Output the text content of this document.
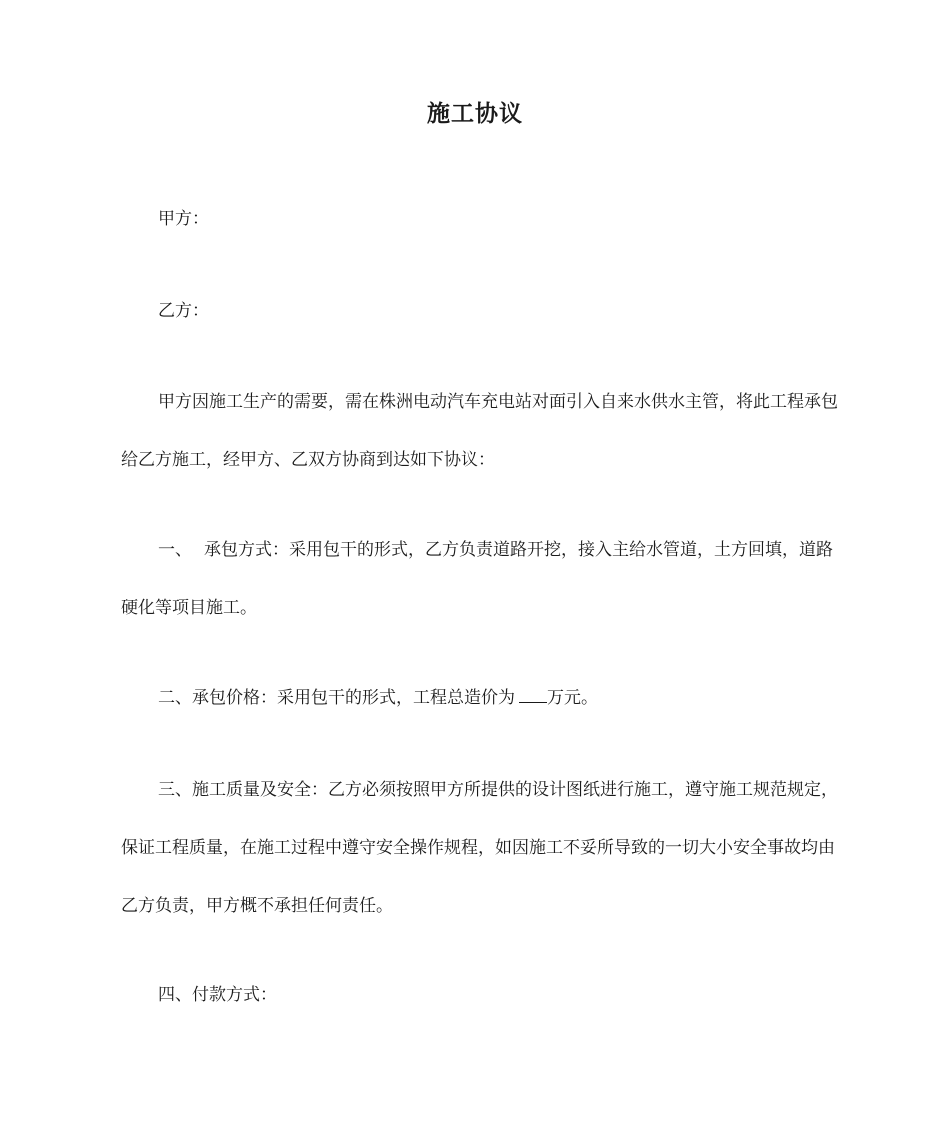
施工协议

甲方：

乙方：

甲方因施工生产的需要，需在株洲电动汽车充电站对面引入自来水供水主管，将此工程承包给乙方施工，经甲方、乙双方协商到达如下协议：

一、 承包方式：采用包干的形式，乙方负责道路开挖，接入主给水管道，土方回填，道路硬化等项目施工。

二、承包价格：采用包干的形式，工程总造价为 万元。

三、施工质量及安全：乙方必须按照甲方所提供的设计图纸进行施工，遵守施工规范规定，保证工程质量，在施工过程中遵守安全操作规程，如因施工不妥所导致的一切大小安全事故均由乙方负责，甲方概不承担任何责任。

四、付款方式：
